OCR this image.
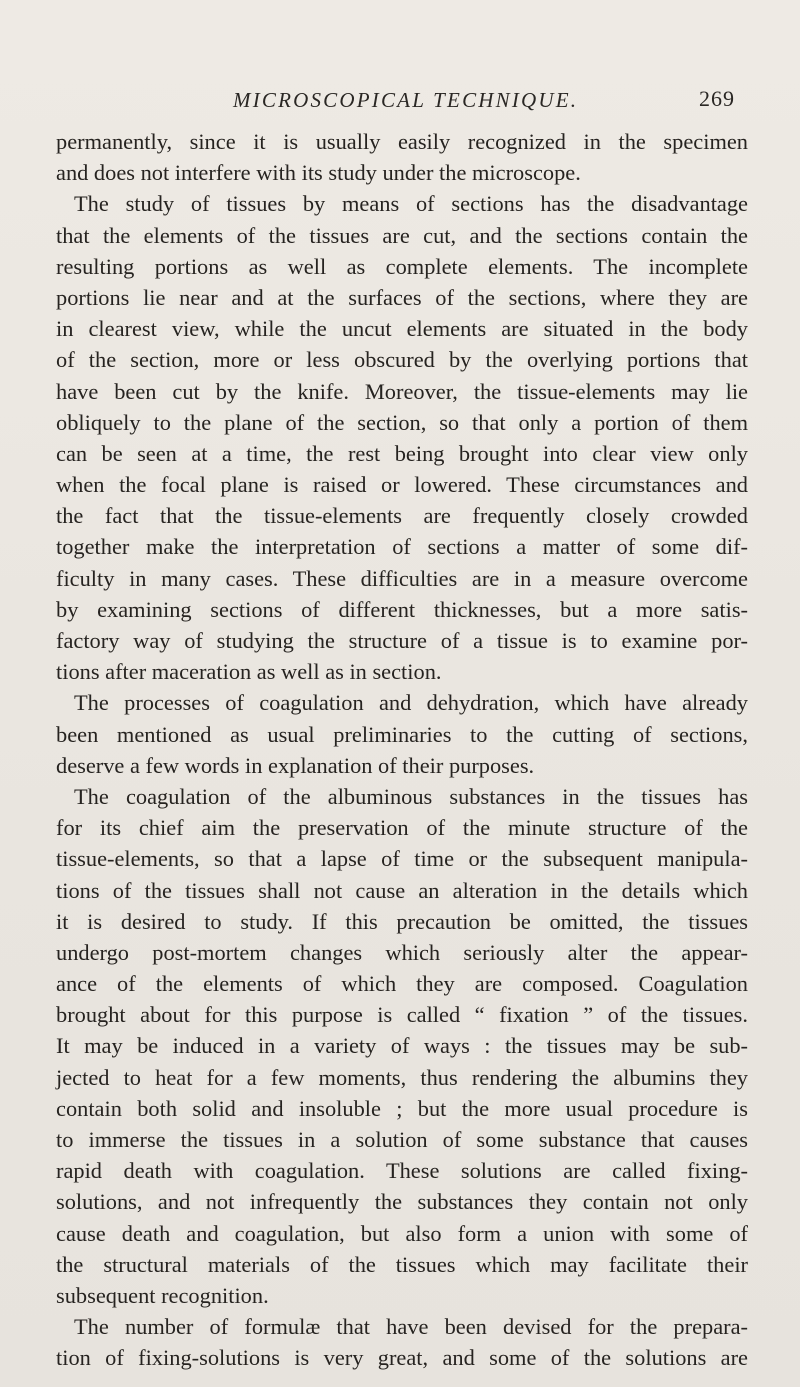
MICROSCOPICAL TECHNIQUE.	269
permanently, since it is usually easily recognized in the specimen
and does not interfere with its study under the microscope.
The study of tissues by means of sections has the disadvantage
that the elements of the tissues are cut, and the sections contain the
resulting portions as well as complete elements. The incomplete
portions lie near and at the surfaces of the sections, where they are
in clearest view, while the uncut elements are situated in the body
of the section, more or less obscured by the overlying portions that
have been cut by the knife. Moreover, the tissue-elements may lie
obliquely to the plane of the section, so that only a portion of them
can be seen at a time, the rest being brought into clear view only
when the focal plane is raised or lowered. These circumstances and
the fact that the tissue-elements are frequently closely crowded
together make the interpretation of sections a matter of some dif-
ficulty in many cases. These difficulties are in a measure overcome
by examining sections of different thicknesses, but a more satis-
factory way of studying the structure of a tissue is to examine por-
tions after maceration as well as in section.
The processes of coagulation and dehydration, which have already
been mentioned as usual preliminaries to the cutting of sections,
deserve a few words in explanation of their purposes.
The coagulation of the albuminous substances in the tissues has
for its chief aim the preservation of the minute structure of the
tissue-elements, so that a lapse of time or the subsequent manipula-
tions of the tissues shall not cause an alteration in the details which
it is desired to study. If this precaution be omitted, the tissues
undergo post-mortem changes which seriously alter the appear-
ance of the elements of which they are composed. Coagulation
brought about for this purpose is called “ fixation ” of the tissues.
It may be induced in a variety of ways : the tissues may be sub-
jected to heat for a few moments, thus rendering the albumins they
contain both solid and insoluble ; but the more usual procedure is
to immerse the tissues in a solution of some substance that causes
rapid death with coagulation. These solutions are called fixing-
solutions, and not infrequently the substances they contain not only
cause death and coagulation, but also form a union with some of
the structural materials of the tissues which may facilitate their
subsequent recognition.
The number of formulæ that have been devised for the prepara-
tion of fixing-solutions is very great, and some of the solutions are
